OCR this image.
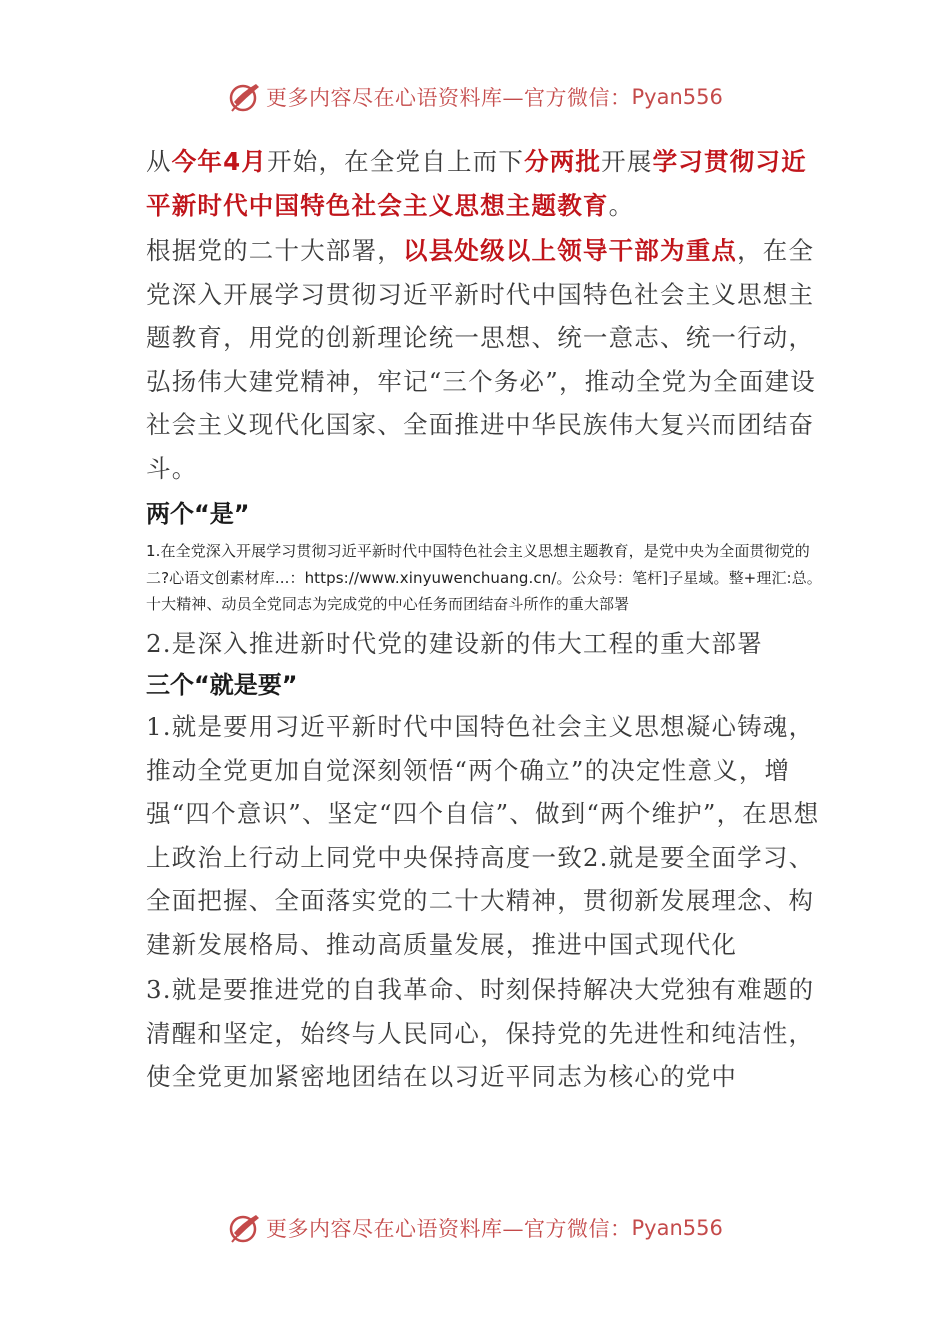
更多内容尽在心语资料库—官方微信： Pyan556

从今年4月开始，在全党自上而下分两批开展学习贯彻习近平新时代中国特色社会主义思想主题教育。

根据党的二十大部署，以县处级以上领导干部为重点，在全党深入开展学习贯彻习近平新时代中国特色社会主义思想主题教育，用党的创新理论统一思想、统一意志、统一行动，弘扬伟大建党精神，牢记“三个务必”，推动全党为全面建设社会主义现代化国家、全面推进中华民族伟大复兴而团结奋斗。

两个“是”

1.在全党深入开展学习贯彻习近平新时代中国特色社会主义思想主题教育，是党中央为全面贯彻党的二?心语文创素材库...：https://www.xinyuwenchuang.cn/。公众号：笔杆]子星域。整+理汇:总。十大精神、动员全党同志为完成党的中心任务而团结奋斗所作的重大部署

2.是深入推进新时代党的建设新的伟大工程的重大部署

三个“就是要”

1.就是要用习近平新时代中国特色社会主义思想凝心铸魂，推动全党更加自觉深刻领悟“两个确立”的决定性意义，增强“四个意识”、坚定“四个自信”、做到“两个维护”，在思想上政治上行动上同党中央保持高度一致2.就是要全面学习、全面把握、全面落实党的二十大精神，贯彻新发展理念、构建新发展格局、推动高质量发展，推进中国式现代化

3.就是要推进党的自我革命、时刻保持解决大党独有难题的清醒和坚定，始终与人民同心，保持党的先进性和纯洁性，使全党更加紧密地团结在以习近平同志为核心的党中

更多内容尽在心语资料库—官方微信： Pyan556
